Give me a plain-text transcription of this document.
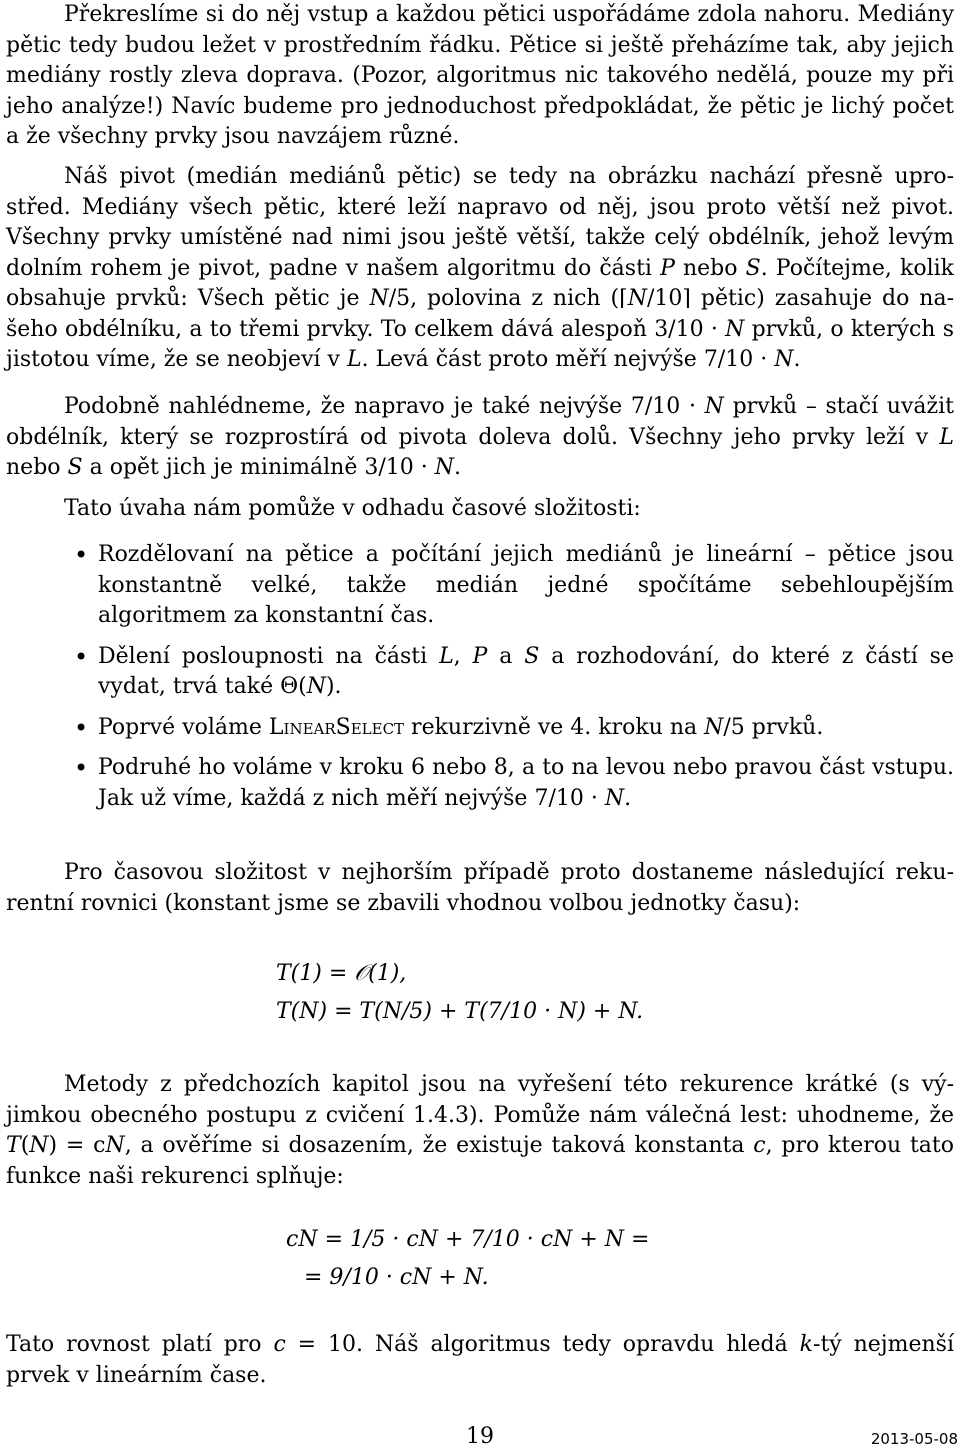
Překreslíme si do něj vstup a každou pětici uspořádáme zdola nahoru. Mediány pětic tedy budou ležet v prostředním řádku. Pětice si ještě přeházíme tak, aby jejich mediány rostly zleva doprava. (Pozor, algoritmus nic takového nedělá, pouze my při jeho analýze!) Navíc budeme pro jednoduchost předpokládat, že pětic je lichý počet a že všechny prvky jsou navzájem různé.

Náš pivot (medián mediánů pětic) se tedy na obrázku nachází přesně uprostřed. Mediány všech pětic, které leží napravo od něj, jsou proto větší než pivot. Všechny prvky umístěné nad nimi jsou ještě větší, takže celý obdélník, jehož levým dolním rohem je pivot, padne v našem algoritmu do části P nebo S. Počítejme, kolik obsahuje prvků: Všech pětic je N/5, polovina z nich (⌈N/10⌉ pětic) zasahuje do našeho obdélníku, a to třemi prvky. To celkem dává alespoň 3/10 · N prvků, o kterých s jistotou víme, že se neobjeví v L. Levá část proto měří nejvýše 7/10 · N.

Podobně nahlédneme, že napravo je také nejvýše 7/10 · N prvků – stačí uvážit obdélník, který se rozprostírá od pivota doleva dolů. Všechny jeho prvky leží v L nebo S a opět jich je minimálně 3/10 · N.

Tato úvaha nám pomůže v odhadu časové složitosti:

• Rozdělovaní na pětice a počítání jejich mediánů je lineární – pětice jsou konstantně velké, takže medián jedné spočítáme sebehloupějším algoritmem za konstantní čas.
• Dělení posloupnosti na části L, P a S a rozhodování, do které z částí se vydat, trvá také Θ(N).
• Poprvé voláme LinearSelect rekurzivně ve 4. kroku na N/5 prvků.
• Podruhé ho voláme v kroku 6 nebo 8, a to na levou nebo pravou část vstupu. Jak už víme, každá z nich měří nejvýše 7/10 · N.

Pro časovou složitost v nejhorším případě proto dostaneme následující rekurentní rovnici (konstant jsme se zbavili vhodnou volbou jednotky času):

T(1) = 𝒪(1),
T(N) = T(N/5) + T(7/10 · N) + N.

Metody z předchozích kapitol jsou na vyřešení této rekurence krátké (s výjimkou obecného postupu z cvičení 1.4.3). Pomůže nám válečná lest: uhodneme, že T(N) = cN, a ověříme si dosazením, že existuje taková konstanta c, pro kterou tato funkce naši rekurenci splňuje:

cN = 1/5 · cN + 7/10 · cN + N =
= 9/10 · cN + N.

Tato rovnost platí pro c = 10. Náš algoritmus tedy opravdu hledá k-tý nejmenší prvek v lineárním čase.

19	2013-05-08
